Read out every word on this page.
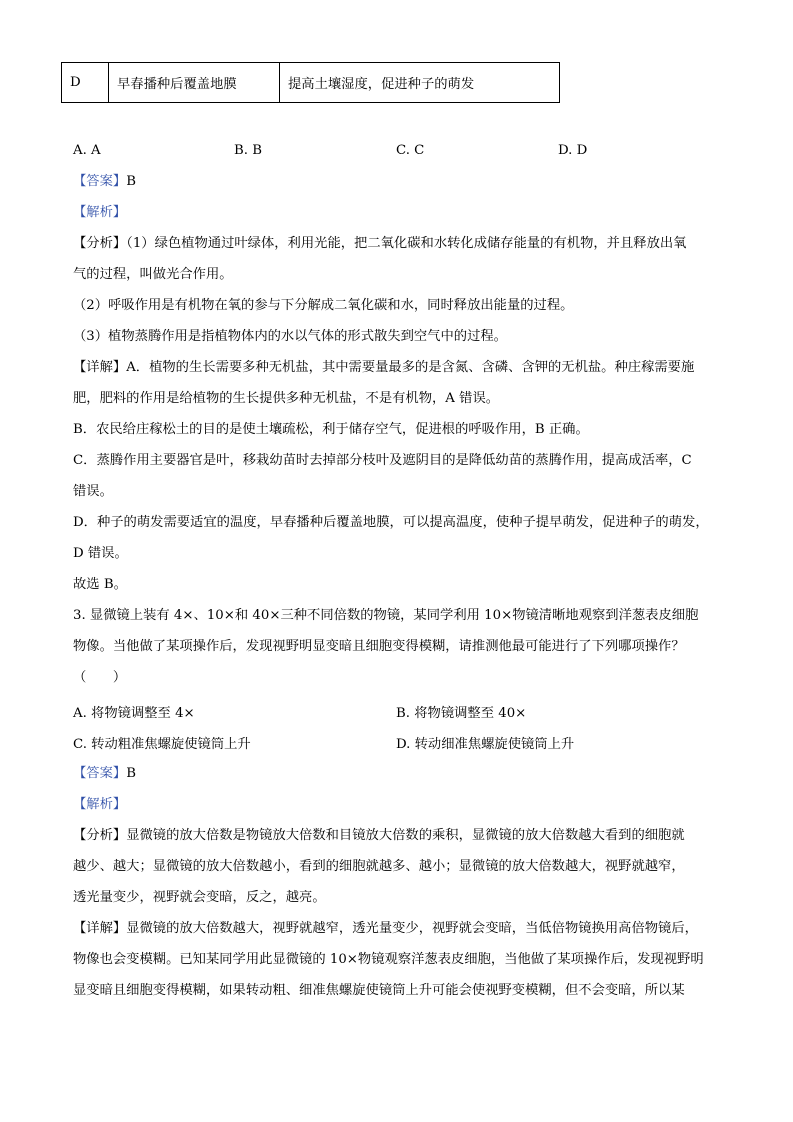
D	早春播种后覆盖地膜	提高土壤湿度，促进种子的萌发
A. A	B. B	C. C	D. D
【答案】B
【解析】
【分析】（1）绿色植物通过叶绿体，利用光能，把二氧化碳和水转化成储存能量的有机物，并且释放出氧
气的过程，叫做光合作用。
（2）呼吸作用是有机物在氧的参与下分解成二氧化碳和水，同时释放出能量的过程。
（3）植物蒸腾作用是指植物体内的水以气体的形式散失到空气中的过程。
【详解】A．植物的生长需要多种无机盐，其中需要量最多的是含氮、含磷、含钾的无机盐。种庄稼需要施
肥，肥料的作用是给植物的生长提供多种无机盐，不是有机物，A 错误。
B．农民给庄稼松土的目的是使土壤疏松，利于储存空气，促进根的呼吸作用，B 正确。
C．蒸腾作用主要器官是叶，移栽幼苗时去掉部分枝叶及遮阴目的是降低幼苗的蒸腾作用，提高成活率，C
错误。
D．种子的萌发需要适宜的温度，早春播种后覆盖地膜，可以提高温度，使种子提早萌发，促进种子的萌发，
D 错误。
故选 B。
3. 显微镜上装有 4×、10×和 40×三种不同倍数的物镜，某同学利用 10×物镜清晰地观察到洋葱表皮细胞
物像。当他做了某项操作后，发现视野明显变暗且细胞变得模糊，请推测他最可能进行了下列哪项操作？
（　　）
A. 将物镜调整至 4×	B. 将物镜调整至 40×
C. 转动粗准焦螺旋使镜筒上升	D. 转动细准焦螺旋使镜筒上升
【答案】B
【解析】
【分析】显微镜的放大倍数是物镜放大倍数和目镜放大倍数的乘积，显微镜的放大倍数越大看到的细胞就
越少、越大；显微镜的放大倍数越小，看到的细胞就越多、越小；显微镜的放大倍数越大，视野就越窄，
透光量变少，视野就会变暗，反之，越亮。
【详解】显微镜的放大倍数越大，视野就越窄，透光量变少，视野就会变暗，当低倍物镜换用高倍物镜后，
物像也会变模糊。已知某同学用此显微镜的 10×物镜观察洋葱表皮细胞，当他做了某项操作后，发现视野明
显变暗且细胞变得模糊，如果转动粗、细准焦螺旋使镜筒上升可能会使视野变模糊，但不会变暗，所以某
